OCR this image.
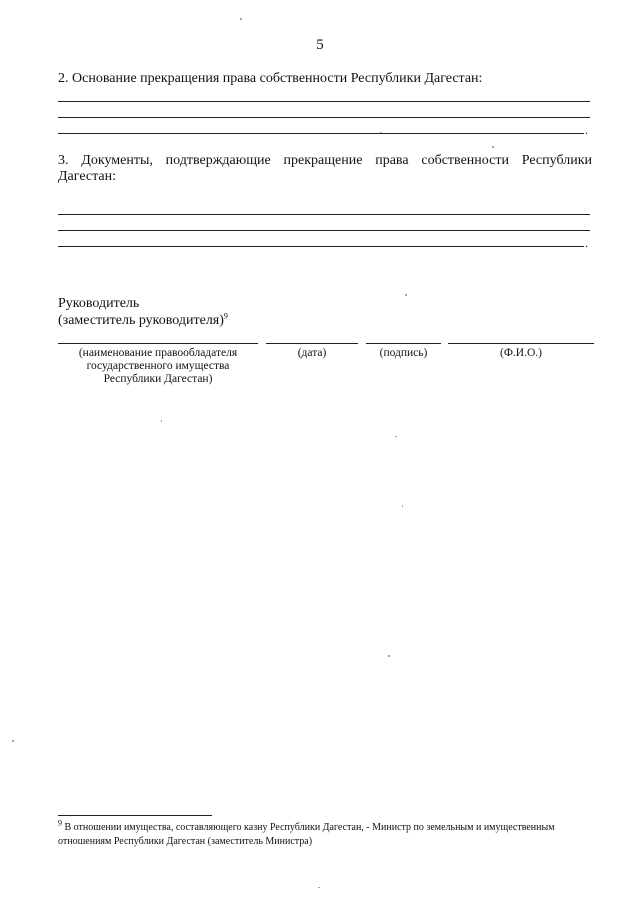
5
2. Основание прекращения права собственности Республики Дагестан:
.
3. Документы, подтверждающие прекращение права собственности Республики
Дагестан:
.
Руководитель
(заместитель руководителя)$^9$
(наименование правообладателя
государственного имущества
Республики Дагестан)
(дата)	(подпись)	(Ф.И.О.)
$^9$ В отношении имущества, составляющего казну Республики Дагестан, - Министр по земельным и имущественным отношениям Республики Дагестан (заместитель Министра)
